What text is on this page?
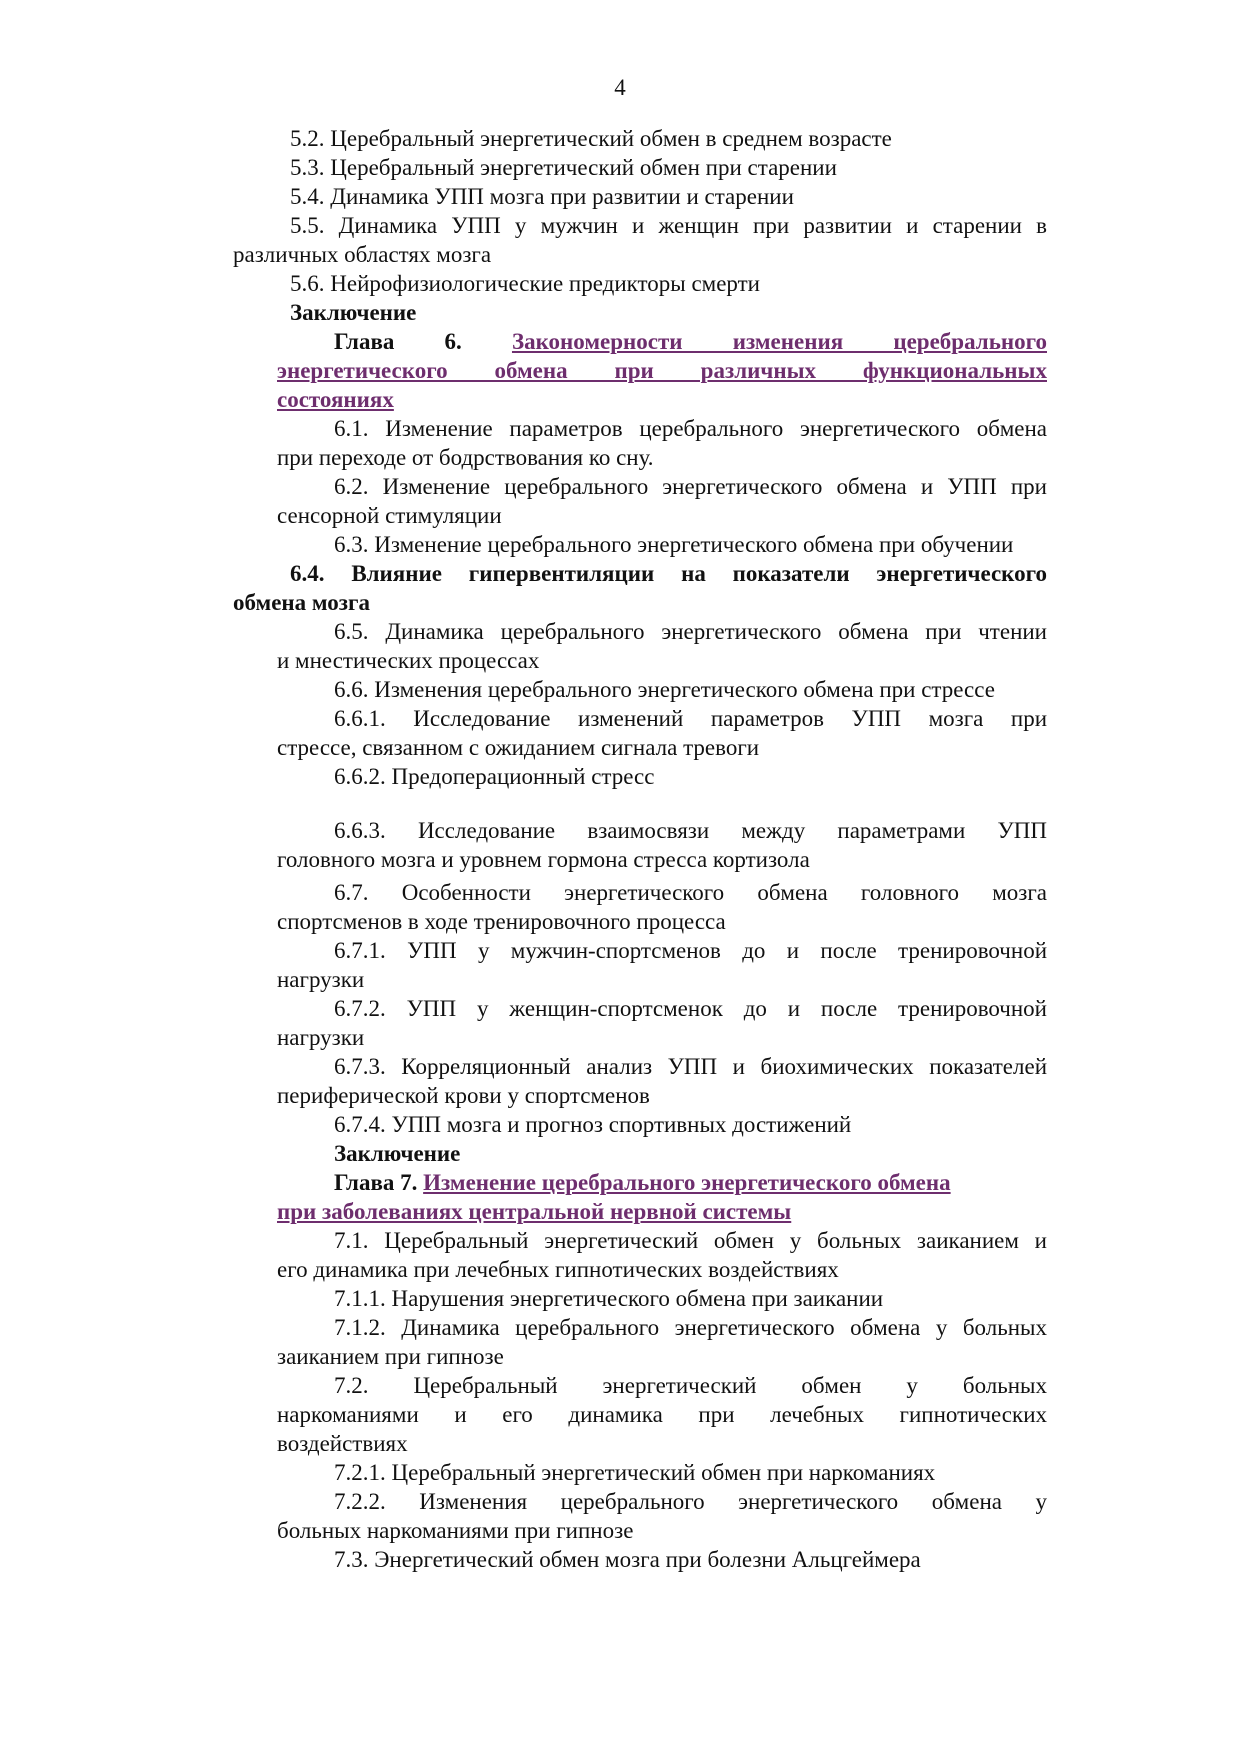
4
5.2. Церебральный энергетический обмен в среднем возрасте
5.3. Церебральный энергетический обмен при старении
5.4. Динамика УПП мозга при развитии и старении
5.5. Динамика УПП у мужчин и женщин при развитии и старении в
различных областях мозга
5.6. Нейрофизиологические предикторы смерти
Заключение
Глава 6. Закономерности изменения церебрального
энергетического обмена при различных функциональных
состояниях
6.1. Изменение параметров церебрального энергетического обмена
при переходе от бодрствования ко сну.
6.2. Изменение церебрального энергетического обмена и УПП при
сенсорной стимуляции
6.3. Изменение церебрального энергетического обмена при обучении
6.4. Влияние гипервентиляции на показатели энергетического
обмена мозга
6.5. Динамика церебрального энергетического обмена при чтении
и мнестических процессах
6.6. Изменения церебрального энергетического обмена при стрессе
6.6.1. Исследование изменений параметров УПП мозга при
стрессе, связанном с ожиданием сигнала тревоги
6.6.2. Предоперационный стресс
6.6.3. Исследование взаимосвязи между параметрами УПП
головного мозга и уровнем гормона стресса кортизола
6.7. Особенности энергетического обмена головного мозга
спортсменов в ходе тренировочного процесса
6.7.1. УПП у мужчин-спортсменов до и после тренировочной
нагрузки
6.7.2. УПП у женщин-спортсменок до и после тренировочной
нагрузки
6.7.3. Корреляционный анализ УПП и биохимических показателей
периферической крови у спортсменов
6.7.4. УПП мозга и прогноз спортивных достижений
Заключение
Глава 7. Изменение церебрального энергетического обмена
при заболеваниях центральной нервной системы
7.1. Церебральный энергетический обмен у больных заиканием и
его динамика при лечебных гипнотических воздействиях
7.1.1. Нарушения энергетического обмена при заикании
7.1.2. Динамика церебрального энергетического обмена у больных
заиканием при гипнозе
7.2. Церебральный энергетический обмен у больных
наркоманиями и его динамика при лечебных гипнотических
воздействиях
7.2.1. Церебральный энергетический обмен при наркоманиях
7.2.2. Изменения церебрального энергетического обмена у
больных наркоманиями при гипнозе
7.3. Энергетический обмен мозга при болезни Альцгеймера
